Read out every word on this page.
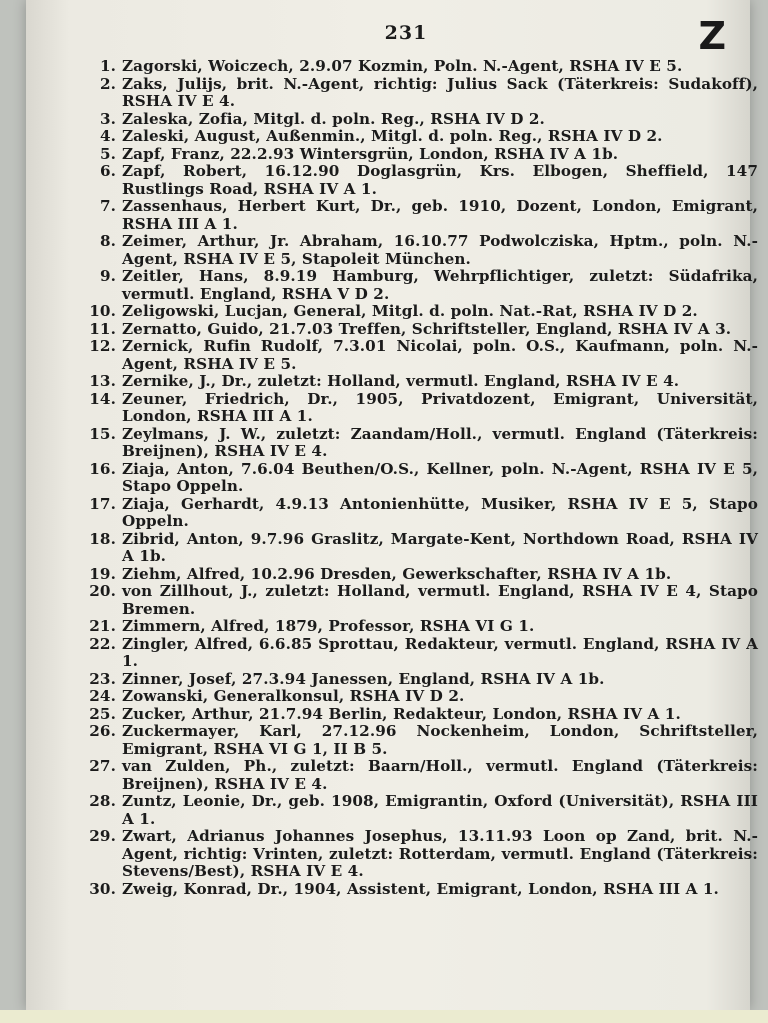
231	Z
1. Zagorski, Woiczech, 2.9.07 Kozmin, Poln. N.-Agent, RSHA IV E 5.
2. Zaks, Julijs, brit. N.-Agent, richtig: Julius Sack (Täterkreis: Sudakoff), RSHA IV E 4.
3. Zaleska, Zofia, Mitgl. d. poln. Reg., RSHA IV D 2.
4. Zaleski, August, Außenmin., Mitgl. d. poln. Reg., RSHA IV D 2.
5. Zapf, Franz, 22.2.93 Wintersgrün, London, RSHA IV A 1b.
6. Zapf, Robert, 16.12.90 Doglasgrün, Krs. Elbogen, Sheffield, 147 Rustlings Road, RSHA IV A 1.
7. Zassenhaus, Herbert Kurt, Dr., geb. 1910, Dozent, London, Emigrant, RSHA III A 1.
8. Zeimer, Arthur, Jr. Abraham, 16.10.77 Podwolcziska, Hptm., poln. N.-Agent, RSHA IV E 5, Stapoleit München.
9. Zeitler, Hans, 8.9.19 Hamburg, Wehrpflichtiger, zuletzt: Südafrika, vermutl. England, RSHA V D 2.
10. Zeligowski, Lucjan, General, Mitgl. d. poln. Nat.-Rat, RSHA IV D 2.
11. Zernatto, Guido, 21.7.03 Treffen, Schriftsteller, England, RSHA IV A 3.
12. Zernick, Rufin Rudolf, 7.3.01 Nicolai, poln. O.S., Kaufmann, poln. N.-Agent, RSHA IV E 5.
13. Zernike, J., Dr., zuletzt: Holland, vermutl. England, RSHA IV E 4.
14. Zeuner, Friedrich, Dr., 1905, Privatdozent, Emigrant, Universität, London, RSHA III A 1.
15. Zeylmans, J. W., zuletzt: Zaandam/Holl., vermutl. England (Täterkreis: Breijnen), RSHA IV E 4.
16. Ziaja, Anton, 7.6.04 Beuthen/O.S., Kellner, poln. N.-Agent, RSHA IV E 5, Stapo Oppeln.
17. Ziaja, Gerhardt, 4.9.13 Antonienhütte, Musiker, RSHA IV E 5, Stapo Oppeln.
18. Zibrid, Anton, 9.7.96 Graslitz, Margate-Kent, Northdown Road, RSHA IV A 1b.
19. Ziehm, Alfred, 10.2.96 Dresden, Gewerkschafter, RSHA IV A 1b.
20. von Zillhout, J., zuletzt: Holland, vermutl. England, RSHA IV E 4, Stapo Bremen.
21. Zimmern, Alfred, 1879, Professor, RSHA VI G 1.
22. Zingler, Alfred, 6.6.85 Sprottau, Redakteur, vermutl. England, RSHA IV A 1.
23. Zinner, Josef, 27.3.94 Janessen, England, RSHA IV A 1b.
24. Zowanski, Generalkonsul, RSHA IV D 2.
25. Zucker, Arthur, 21.7.94 Berlin, Redakteur, London, RSHA IV A 1.
26. Zuckermayer, Karl, 27.12.96 Nockenheim, London, Schriftsteller, Emigrant, RSHA VI G 1, II B 5.
27. van Zulden, Ph., zuletzt: Baarn/Holl., vermutl. England (Täterkreis: Breijnen), RSHA IV E 4.
28. Zuntz, Leonie, Dr., geb. 1908, Emigrantin, Oxford (Universität), RSHA III A 1.
29. Zwart, Adrianus Johannes Josephus, 13.11.93 Loon op Zand, brit. N.-Agent, richtig: Vrinten, zuletzt: Rotterdam, vermutl. England (Täterkreis: Stevens/Best), RSHA IV E 4.
30. Zweig, Konrad, Dr., 1904, Assistent, Emigrant, London, RSHA III A 1.
